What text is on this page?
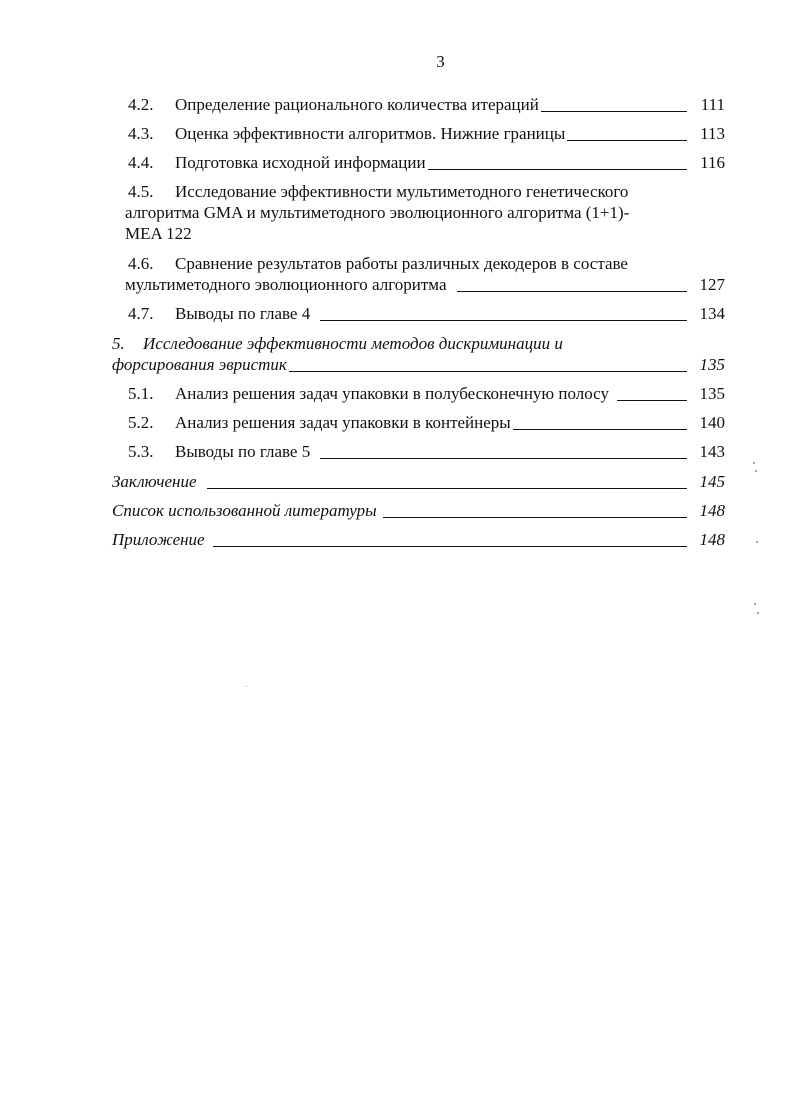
3
4.2.	Определение рационального количества итераций	111
4.3.	Оценка эффективности алгоритмов. Нижние границы	113
4.4.	Подготовка исходной информации	116
4.5.	Исследование эффективности мультиметодного генетического
алгоритма GMA и мультиметодного эволюционного алгоритма (1+1)-
MEA 122
4.6.	Сравнение результатов работы различных декодеров в составе
мультиметодного эволюционного алгоритма	127
4.7.	Выводы по главе 4	134
5.	Исследование эффективности методов дискриминации и
форсирования эвристик	135
5.1.	Анализ решения задач упаковки в полубесконечную полосу	135
5.2.	Анализ решения задач упаковки в контейнеры	140
5.3.	Выводы по главе 5	143
Заключение	145
Список использованной литературы	148
Приложение	148
